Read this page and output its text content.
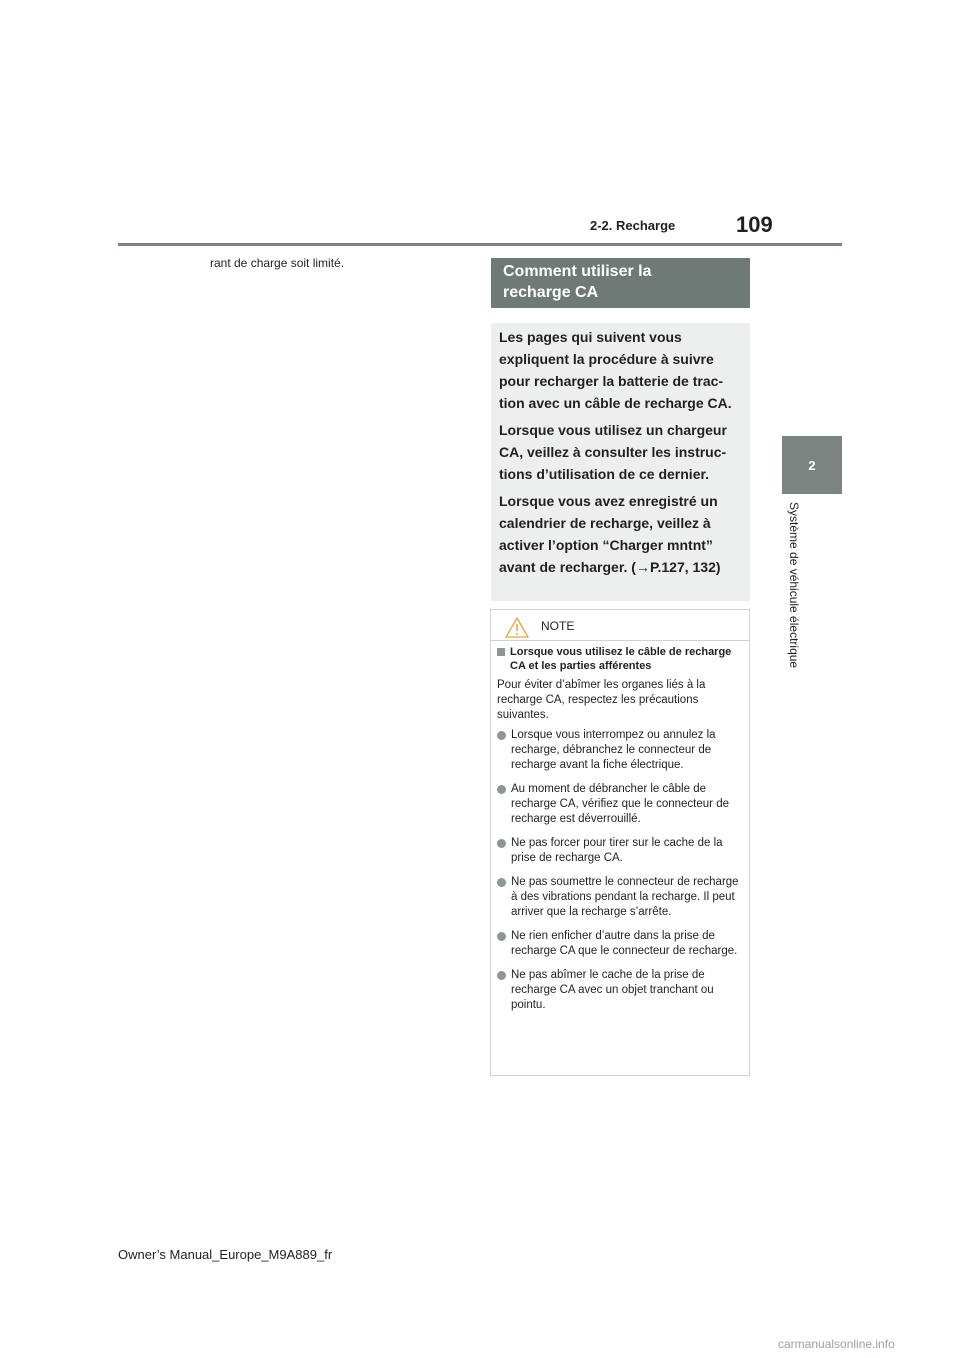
2-2. Recharge	109
2
Système de véhicule électrique
rant de charge soit limité.	Comment utiliser la
recharge CA

Les pages qui suivent vous expliquent la procédure à suivre pour recharger la batterie de trac-tion avec un câble de recharge CA.

Lorsque vous utilisez un chargeur CA, veillez à consulter les instruc-tions d’utilisation de ce dernier.

Lorsque vous avez enregistré un calendrier de recharge, veillez à activer l’option “Charger mntnt” avant de recharger. (→P.127, 132)

NOTE
Lorsque vous utilisez le câble de recharge CA et les parties afférentes

Pour éviter d’abîmer les organes liés à la recharge CA, respectez les précautions suivantes.

Lorsque vous interrompez ou annulez la recharge, débranchez le connecteur de recharge avant la fiche électrique.
Au moment de débrancher le câble de recharge CA, vérifiez que le connecteur de recharge est déverrouillé.
Ne pas forcer pour tirer sur le cache de la prise de recharge CA.
Ne pas soumettre le connecteur de recharge à des vibrations pendant la recharge. Il peut arriver que la recharge s’arrête.
Ne rien enficher d’autre dans la prise de recharge CA que le connecteur de recharge.
Ne pas abîmer le cache de la prise de recharge CA avec un objet tranchant ou pointu.
Owner’s Manual_Europe_M9A889_fr
carmanualsonline.info
